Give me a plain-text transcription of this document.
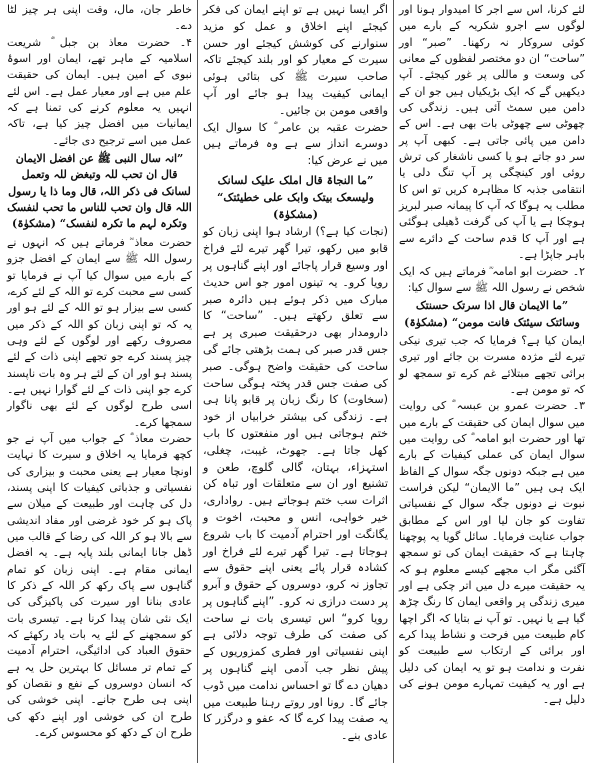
لئے کرنا، اس سے اجر کا امیدوار ہونا اور لوگوں سے اجرو شکریہ کے بارے میں کوئی سروکار نہ رکھنا۔ ”صبر“ اور ”ساحت“ ان دو مختصر لفظوں کے معانی کی وسعت و ماللی پر غور کیجئے۔ آپ دیکھیں گے کہ ایک بڑیکیاں ہیں جو ان کے دامن میں سمٹ آئی ہیں۔ زندگی کی چھوٹی سے چھوٹی بات بھی ہے۔ اس کے دامن میں پائی جاتی ہے۔ کبھی آپ پر سر دو جاتے ہو یا کسی ناشغار کی ترش روئی اور کینچگی پر آپ تنگ دلی یا انتقامی جذبہ کا مظاہرہ کریں تو اس کا مطلب یہ ہوگا کہ آپ کا پیمانہ صبر لبریز ہوچکا ہے یا آپ کی گرفت ڈھیلی ہوگئی ہے اور آپ کا قدم ساحت کے دائرے سے باہر جاپڑا ہے۔

۲۔ حضرت ابو امامہ ؓ فرماتے ہیں کہ ایک شخص نے رسول اللہ ﷺ سے سوال کیا:

”ما الایمان قال اذا سرتک حسنتک وسائتک سیئتک فانت مومن“ (مشکوٰۃ)

ایمان کیا ہے؟ فرمایا کہ جب تیری نیکی تیرے لئے مژدہ مسرت بن جائے اور تیری برائی تجھے مبتلائے غم کرے تو سمجھ لو کہ تو مومن ہے۔

۳۔ حضرت عمرو بن عبسہ ؓ کی روایت میں سوال ایمان کی حقیقت کے بارے میں تھا اور حضرت ابو امامہ ؓ کی روایت میں سوال ایمان کی عملی کیفیات کے بارے میں ہے جبکہ دونوں جگہ سوال کے الفاظ ایک ہی ہیں ”ما الایمان“ لیکن فراست نبوت نے دونوں جگہ سوال کے نفسیاتی تفاوت کو جان لیا اور اس کے مطابق جواب عنایت فرمایا۔ سائل گویا یہ پوچھنا چاہتا ہے کہ حقیقت ایمان کی تو سمجھ آگئی مگر اب مجھے کیسے معلوم ہو کہ یہ حقیقت میرے دل میں اتر چکی ہے اور میری زندگی پر واقعی ایمان کا رنگ چڑھ گیا ہے یا نہیں۔ تو آپ نے بتایا کہ اگر اچھا کام طبیعت میں فرحت و نشاط پیدا کرے اور برائی کے ارتکاب سے طبیعت کو نفرت و ندامت ہو تو یہ ایمان کی دلیل ہے اور یہ کیفیت تمہارے مومن ہونے کی دلیل ہے۔

اگر ایسا نہیں ہے تو اپنے ایمان کی فکر کیجئے اپنے اخلاق و عمل کو مزید سنوارنے کی کوشش کیجئے اور حسن سیرت کے معیار کو اور بلند کیجئے تاکہ صاحب سیرت ﷺ کی بتائی ہوئی ایمانی کیفیت پیدا ہو جائے اور آپ واقعی مومن بن جائیں۔

حضرت عقبہ بن عامر ؓ کا سوال ایک دوسرے انداز سے ہے وہ فرماتے ہیں میں نے عرض کیا:

”ما النجاۃ قال املک علیک لسانک ولیسعک بیتک وابک علی خطیئتک“ (مشکوٰۃ)

(نجات کیا ہے؟) ارشاد ہوا اپنی زبان کو قابو میں رکھو، تیرا گھر تیرے لئے فراخ اور وسیع قرار پاجائے اور اپنے گناہوں پر رویا کرو۔ یہ تینوں امور جو اس حدیث مبارک میں ذکر ہوئے ہیں دائرہ صبر سے تعلق رکھتے ہیں۔ ”ساحت“ کا دارومدار بھی درحقیقت صبری پر ہے جس قدر صبر کی ہمت بڑھتی جائے گی ساحت کی حقیقت واضح ہوگی۔ صبر کی صفت جس قدر پختہ ہوگی ساحت (سخاوت) کا رنگ زبان پر قابو پانا ہی ہے۔ زندگی کی بیشتر خرابیاں از خود ختم ہوجاتی ہیں اور منفعتوں کا باب کھل جاتا ہے۔ جھوٹ، غیبت، چغلی، استہزاء، بہتان، گالی گلوچ، طعن و تشنیع اور ان سے متعلقات اور تباہ کن اثرات سب ختم ہوجاتے ہیں۔ رواداری، خیر خواہی، انس و محبت، اخوت و یگانگت اور احترام آدمیت کا باب شروع ہوجاتا ہے۔ تیرا گھر تیرے لئے فراخ اور کشادہ قرار پائے یعنی اپنے حقوق سے تجاوز نہ کرو، دوسروں کے حقوق و آبرو پر دست درازی نہ کرو۔ ”اپنے گناہوں پر رویا کرو“ اس تیسری بات نے ساحت کی صفت کی طرف توجہ دلائی ہے اپنی نفسیاتی اور فطری کمزوریوں کے پیش نظر جب آدمی اپنے گناہوں پر دھیان دے گا تو احساس ندامت میں ڈوب جائے گا۔ رونا اور روتے رہنا طبیعت میں یہ صفت پیدا کرے گا کہ عفو و درگزر کا عادی بنے۔

خاطر جان، مال، وقت اپنی ہر چیز لٹا دے۔

۴۔ حضرت معاذ بن جبل ؓ شریعت اسلامیہ کے ماہر تھے، ایمان اور اسوۂ نبوی کے امین ہیں۔ ایمان کی حقیقت علم میں ہے اور معیار عمل ہے۔ اس لئے انہیں یہ معلوم کرنے کی تمنا ہے کہ ایمانیات میں افضل چیز کیا ہے، تاکہ عمل میں اسے ترجیح دی جائے۔

”انہ سال النبی ﷺ عن افضل الایمان قال ان تحب للہ وتبغض للہ وتعمل لسانک فی ذکر اللہ، قال وما ذا یا رسول اللہ قال وان تحب للناس ما تحب لنفسک وتکرہ لہم ما تکرہ لنفسک“ (مشکوٰۃ)

حضرت معاذ ؓ فرماتے ہیں کہ انہوں نے رسول اللہ ﷺ سے ایمان کے افضل جزو کے بارے میں سوال کیا آپ نے فرمایا تو کسی سے محبت کرے تو اللہ کے لئے کرے، کسی سے بیزار ہو تو اللہ کے لئے ہو اور یہ کہ تو اپنی زبان کو اللہ کے ذکر میں مصروف رکھے اور لوگوں کے لئے وہی چیز پسند کرے جو تجھے اپنی ذات کے لئے پسند ہو اور ان کے لئے ہر وہ بات ناپسند کرے جو اپنی ذات کے لئے گوارا نہیں ہے۔ اسی طرح لوگوں کے لئے بھی ناگوار سمجھا کرے۔

حضرت معاذ ؓ کے جواب میں آپ نے جو کچھ فرمایا یہ اخلاق و سیرت کا نہایت اونچا معیار ہے یعنی محبت و بیزاری کی نفسیاتی و جذباتی کیفیات کا اپنی پسند، دل کی چاہت اور طبیعت کے میلان سے پاک ہو کر خود غرضی اور مفاد اندیشی سے بالا ہو کر اللہ کی رضا کے قالب میں ڈھل جانا ایمانی بلند پایہ ہے۔ یہ افضل ایمانی مقام ہے۔ اپنی زبان کو تمام گناہوں سے پاک رکھ کر اللہ کے ذکر کا عادی بنانا اور سیرت کی پاکیزگی کی ایک نئی شان پیدا کرنا ہے۔ تیسری بات کو سمجھنے کے لئے یہ بات یاد رکھئے کہ حقوق العباد کی ادائیگی، احترام آدمیت کے تمام تر مسائل کا بہترین حل یہ ہے کہ انسان دوسروں کے نفع و نقصان کو اپنی ہی طرح جانے۔ اپنی خوشی کی طرح ان کی خوشی اور اپنے دکھ کی طرح ان کے دکھ کو محسوس کرے۔
